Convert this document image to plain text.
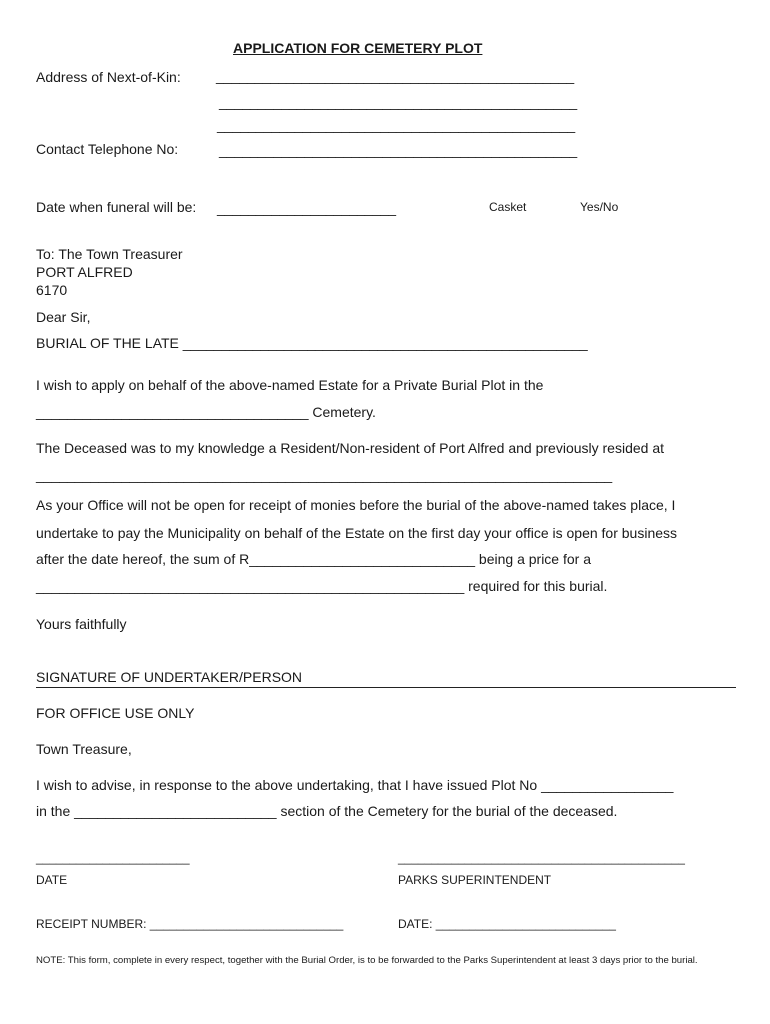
APPLICATION FOR CEMETERY PLOT
Address of Next-of-Kin:	______________________________________________
______________________________________________
______________________________________________
Contact Telephone No:	______________________________________________
Date when funeral will be: _______________________	Casket	Yes/No
To: The Town Treasurer
PORT ALFRED
6170
Dear Sir,
BURIAL OF THE LATE ____________________________________________________
I wish to apply on behalf of the above-named Estate for a Private Burial Plot in the
___________________________________ Cemetery.
The Deceased was to my knowledge a Resident/Non-resident of Port Alfred and previously resided at
__________________________________________________________________________
As your Office will not be open for receipt of monies before the burial of the above-named takes place, I
undertake to pay the Municipality on behalf of the Estate on the first day your office is open for business
after the date hereof, the sum of R_____________________________ being a price for a
_______________________________________________________ required for this burial.
Yours faithfully
SIGNATURE OF UNDERTAKER/PERSON
FOR OFFICE USE ONLY
Town Treasure,
I wish to advise, in response to the above undertaking, that I have issued Plot No _________________
in the __________________________ section of the Cemetery for the burial of the deceased.
_______________________
DATE
___________________________________________
PARKS SUPERINTENDENT
RECEIPT NUMBER: _____________________________	DATE: ___________________________
NOTE: This form, complete in every respect, together with the Burial Order, is to be forwarded to the Parks Superintendent at least 3 days prior to the burial.
